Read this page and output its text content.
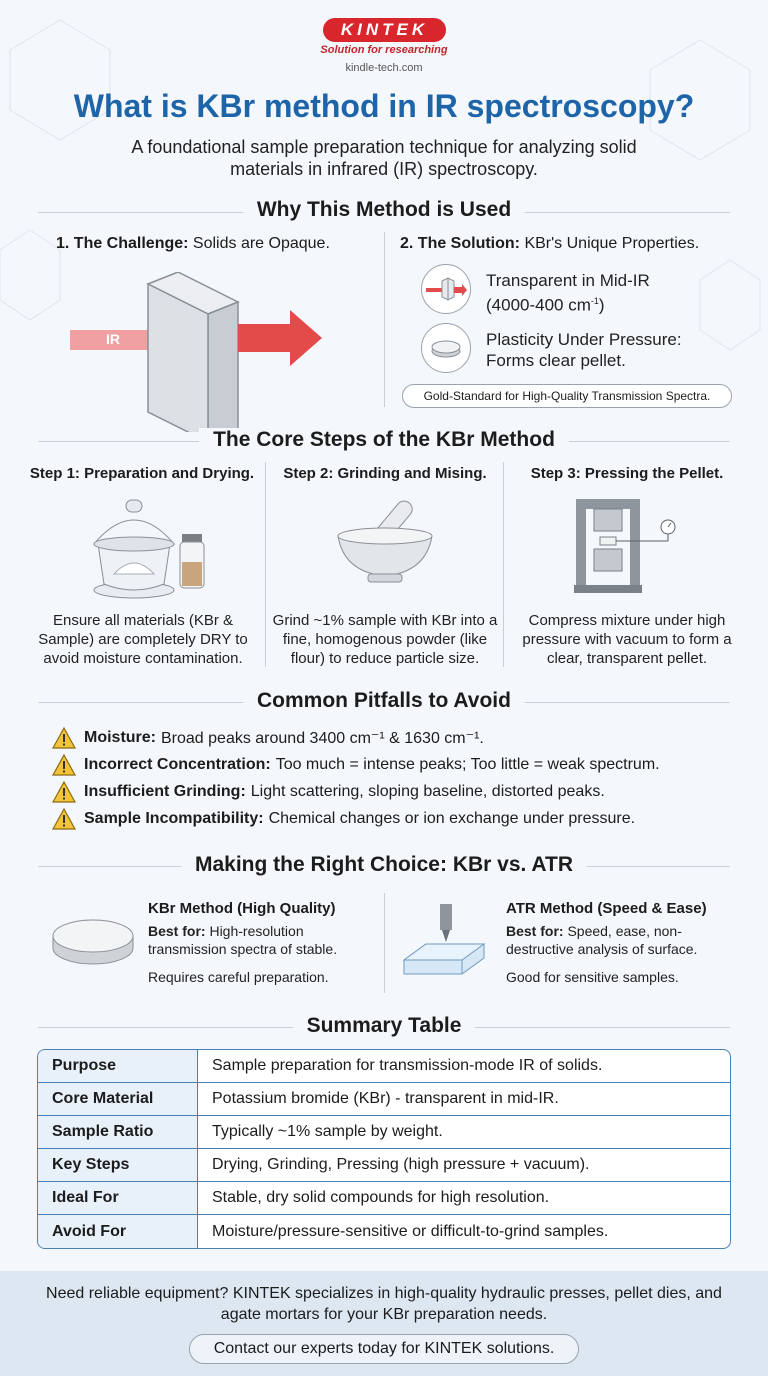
KINTEK
Solution for researching
kindle-tech.com
What is KBr method in IR spectroscopy?
A foundational sample preparation technique for analyzing solid materials in infrared (IR) spectroscopy.
Why This Method is Used
1. The Challenge: Solids are Opaque.
IR
2. The Solution: KBr's Unique Properties.
Transparent in Mid-IR
(4000-400 $cm^{-1}$)
Plasticity Under Pressure:
Forms clear pellet.
Gold-Standard for High-Quality Transmission Spectra.
The Core Steps of the KBr Method
Step 1: Preparation and Drying.	Step 2: Grinding and Mising.	Step 3: Pressing the Pellet.
Ensure all materials (KBr & Sample) are completely DRY to avoid moisture contamination.
Grind ~1% sample with KBr into a fine, homogenous powder (like flour) to reduce particle size.
Compress mixture under high pressure with vacuum to form a clear, transparent pellet.
Common Pitfalls to Avoid
Moisture: Broad peaks around 3400 cm⁻¹ & 1630 cm⁻¹.
Incorrect Concentration: Too much = intense peaks; Too little = weak spectrum.
Insufficient Grinding: Light scattering, sloping baseline, distorted peaks.
Sample Incompatibility: Chemical changes or ion exchange under pressure.
Making the Right Choice: KBr vs. ATR
KBr Method (High Quality)
Best for: High-resolution transmission spectra of stable.
Requires careful preparation.
ATR Method (Speed & Ease)
Best for: Speed, ease, non-destructive analysis of surface.
Good for sensitive samples.
Summary Table
Purpose	Sample preparation for transmission-mode IR of solids.
Core Material	Potassium bromide (KBr) - transparent in mid-IR.
Sample Ratio	Typically ~1% sample by weight.
Key Steps	Drying, Grinding, Pressing (high pressure + vacuum).
Ideal For	Stable, dry solid compounds for high resolution.
Avoid For	Moisture/pressure-sensitive or difficult-to-grind samples.
Need reliable equipment? KINTEK specializes in high-quality hydraulic presses, pellet dies, and agate mortars for your KBr preparation needs.
Contact our experts today for KINTEK solutions.
